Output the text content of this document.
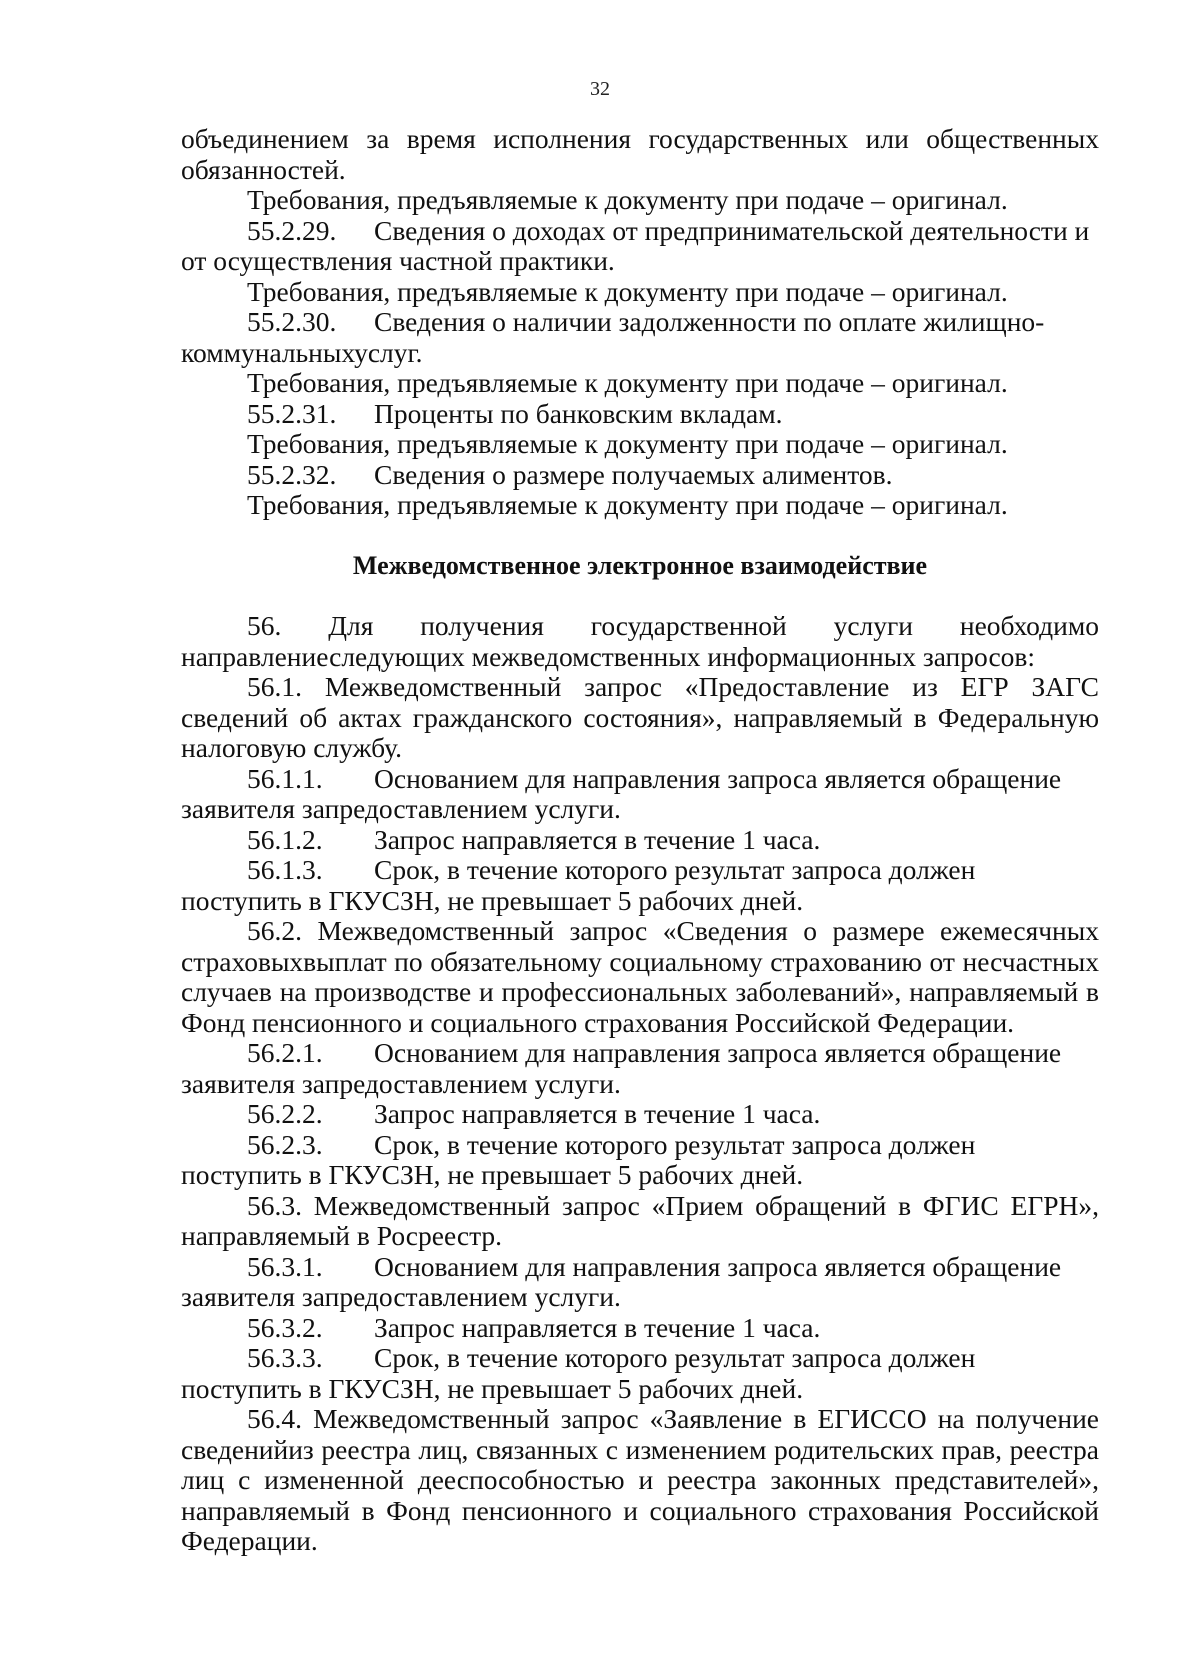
32

объединением за время исполнения государственных или общественных обязанностей.

Требования, предъявляемые к документу при подаче – оригинал.

55.2.29.	Сведения о доходах от предпринимательской деятельности и

от осуществления частной практики.

Требования, предъявляемые к документу при подаче – оригинал.

55.2.30.	Сведения о наличии задолженности по оплате жилищно-

коммунальныхуслуг.

Требования, предъявляемые к документу при подаче – оригинал.

55.2.31.	Проценты по банковским вкладам.

Требования, предъявляемые к документу при подаче – оригинал.

55.2.32.	Сведения о размере получаемых алиментов.

Требования, предъявляемые к документу при подаче – оригинал.

Межведомственное электронное взаимодействие

56. Для получения государственной услуги необходимо направлениеследующих межведомственных информационных запросов:

56.1. Межведомственный запрос «Предоставление из ЕГР ЗАГС сведений об актах гражданского состояния», направляемый в Федеральную налоговую службу.

56.1.1.	Основанием для направления запроса является обращение

заявителя запредоставлением услуги.

56.1.2.	Запрос направляется в течение 1 часа.
56.1.3.	Срок, в течение которого результат запроса должен

поступить в ГКУСЗН, не превышает 5 рабочих дней.

56.2. Межведомственный запрос «Сведения о размере ежемесячных страховыхвыплат по обязательному социальному страхованию от несчастных случаев на производстве и профессиональных заболеваний», направляемый в Фонд пенсионного и социального страхования Российской Федерации.

56.2.1.	Основанием для направления запроса является обращение

заявителя запредоставлением услуги.

56.2.2.	Запрос направляется в течение 1 часа.
56.2.3.	Срок, в течение которого результат запроса должен

поступить в ГКУСЗН, не превышает 5 рабочих дней.

56.3. Межведомственный запрос «Прием обращений в ФГИС ЕГРН», направляемый в Росреестр.

56.3.1.	Основанием для направления запроса является обращение

заявителя запредоставлением услуги.

56.3.2.	Запрос направляется в течение 1 часа.
56.3.3.	Срок, в течение которого результат запроса должен

поступить в ГКУСЗН, не превышает 5 рабочих дней.

56.4. Межведомственный запрос «Заявление в ЕГИССО на получение сведенийиз реестра лиц, связанных с изменением родительских прав, реестра лиц с измененной дееспособностью и реестра законных представителей», направляемый в Фонд пенсионного и социального страхования Российской Федерации.
